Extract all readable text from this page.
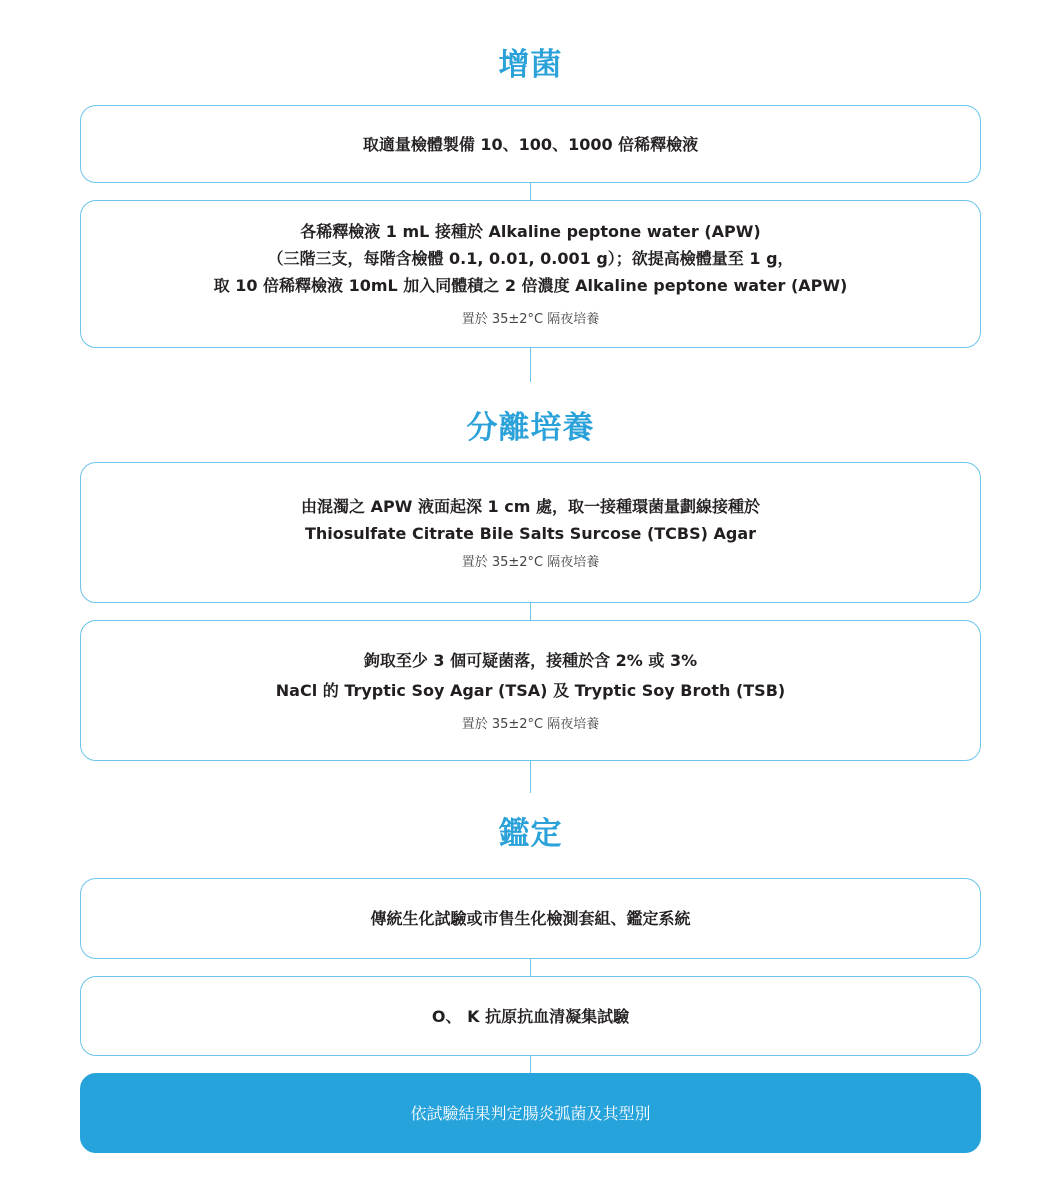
增菌
取適量檢體製備 10、100、1000 倍稀釋檢液
各稀釋檢液 1 mL 接種於 Alkaline peptone water (APW)
（三階三支，每階含檢體 0.1, 0.01, 0.001 g）；欲提高檢體量至 1 g，
取 10 倍稀釋檢液 10mL 加入同體積之 2 倍濃度 Alkaline peptone water (APW)
置於 35±2°C 隔夜培養
分離培養
由混濁之 APW 液面起深 1 cm 處，取一接種環菌量劃線接種於
Thiosulfate Citrate Bile Salts Surcose (TCBS) Agar
置於 35±2°C 隔夜培養
鉤取至少 3 個可疑菌落，接種於含 2% 或 3%
NaCl 的 Tryptic Soy Agar (TSA) 及 Tryptic Soy Broth (TSB)
置於 35±2°C 隔夜培養
鑑定
傳統生化試驗或市售生化檢測套組、鑑定系統
O、 K 抗原抗血清凝集試驗
依試驗結果判定腸炎弧菌及其型別
